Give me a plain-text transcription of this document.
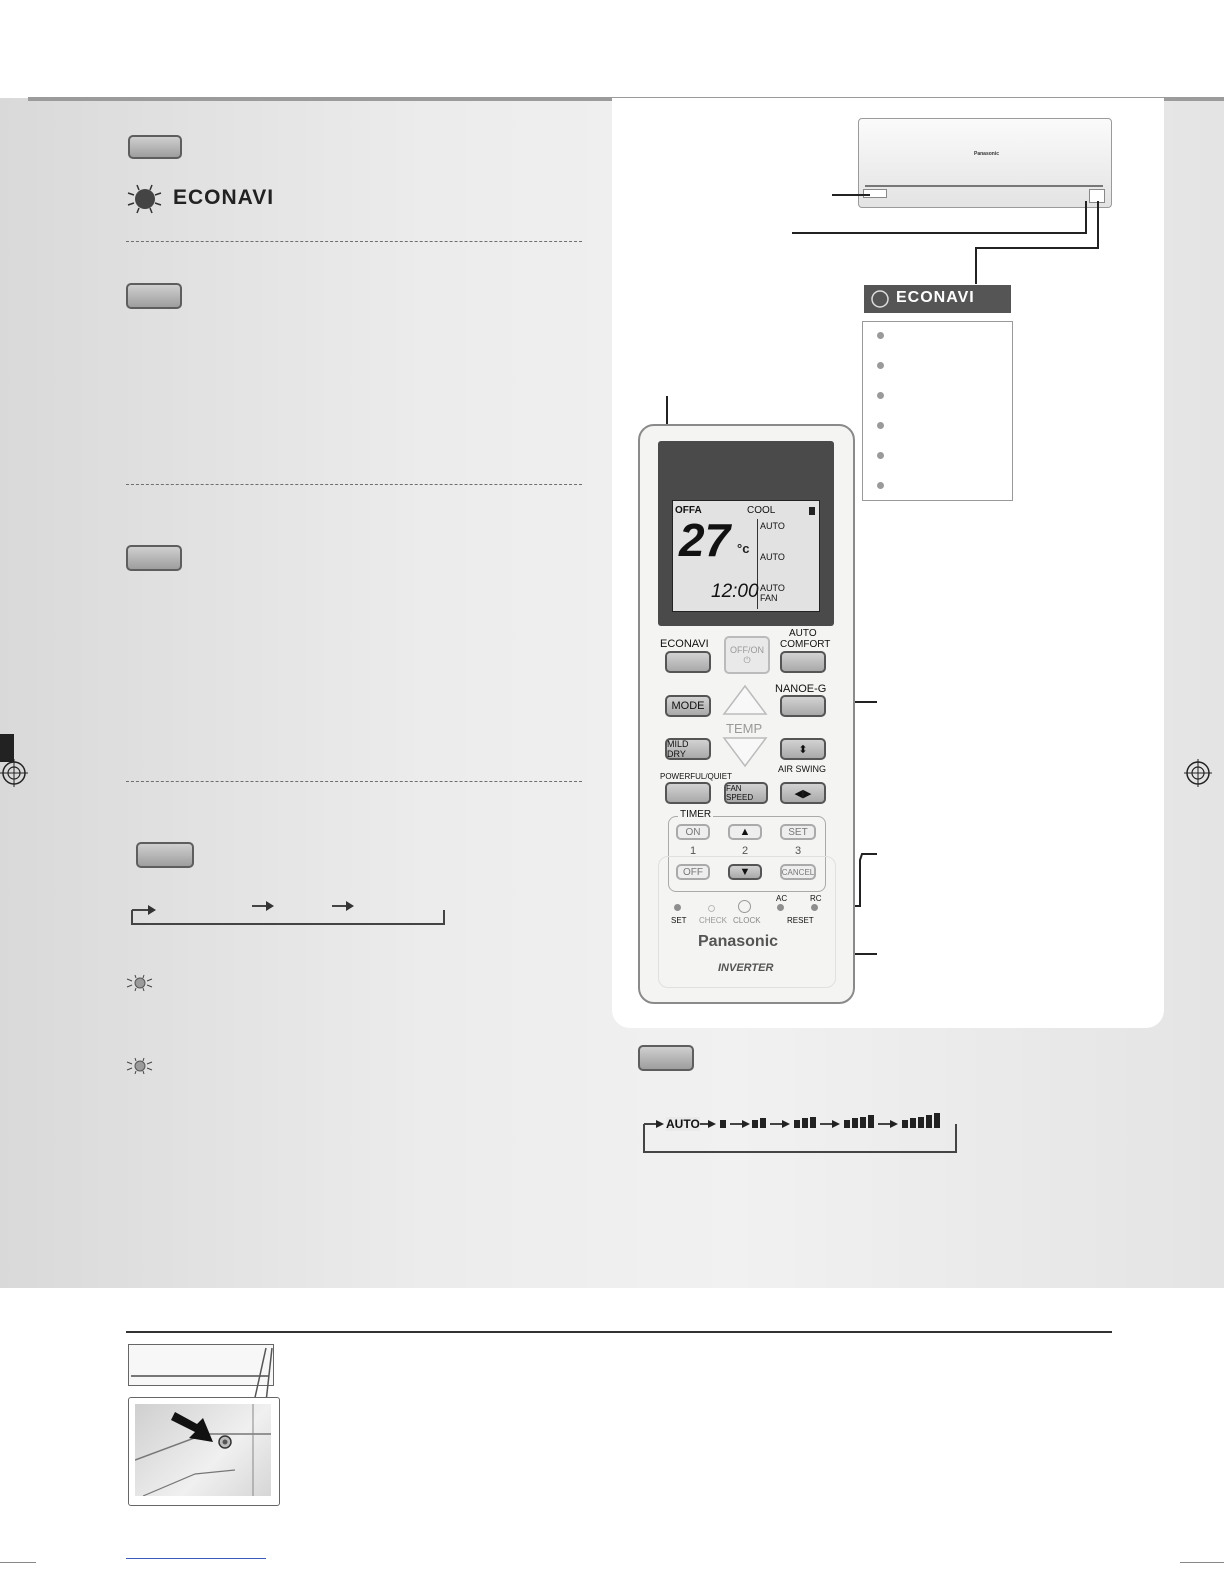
ECONAVI
Panasonic
ECONAVI
OFFA	COOL
27 °c
AUTO
AUTO
AUTO
FAN
12:00
ECONAVI OFF/ON
⏻
AUTO
COMFORT
NANOE-G
MODE
TEMP
MILD DRY	⬍
AIR SWING
POWERFUL/QUIET
FAN SPEED	◀▶
TIMER
ON	▲	SET
1	2	3
OFF	▼	CANCEL
AC	RC
SET CHECK CLOCK	RESET
Panasonic
INVERTER
AUTO
